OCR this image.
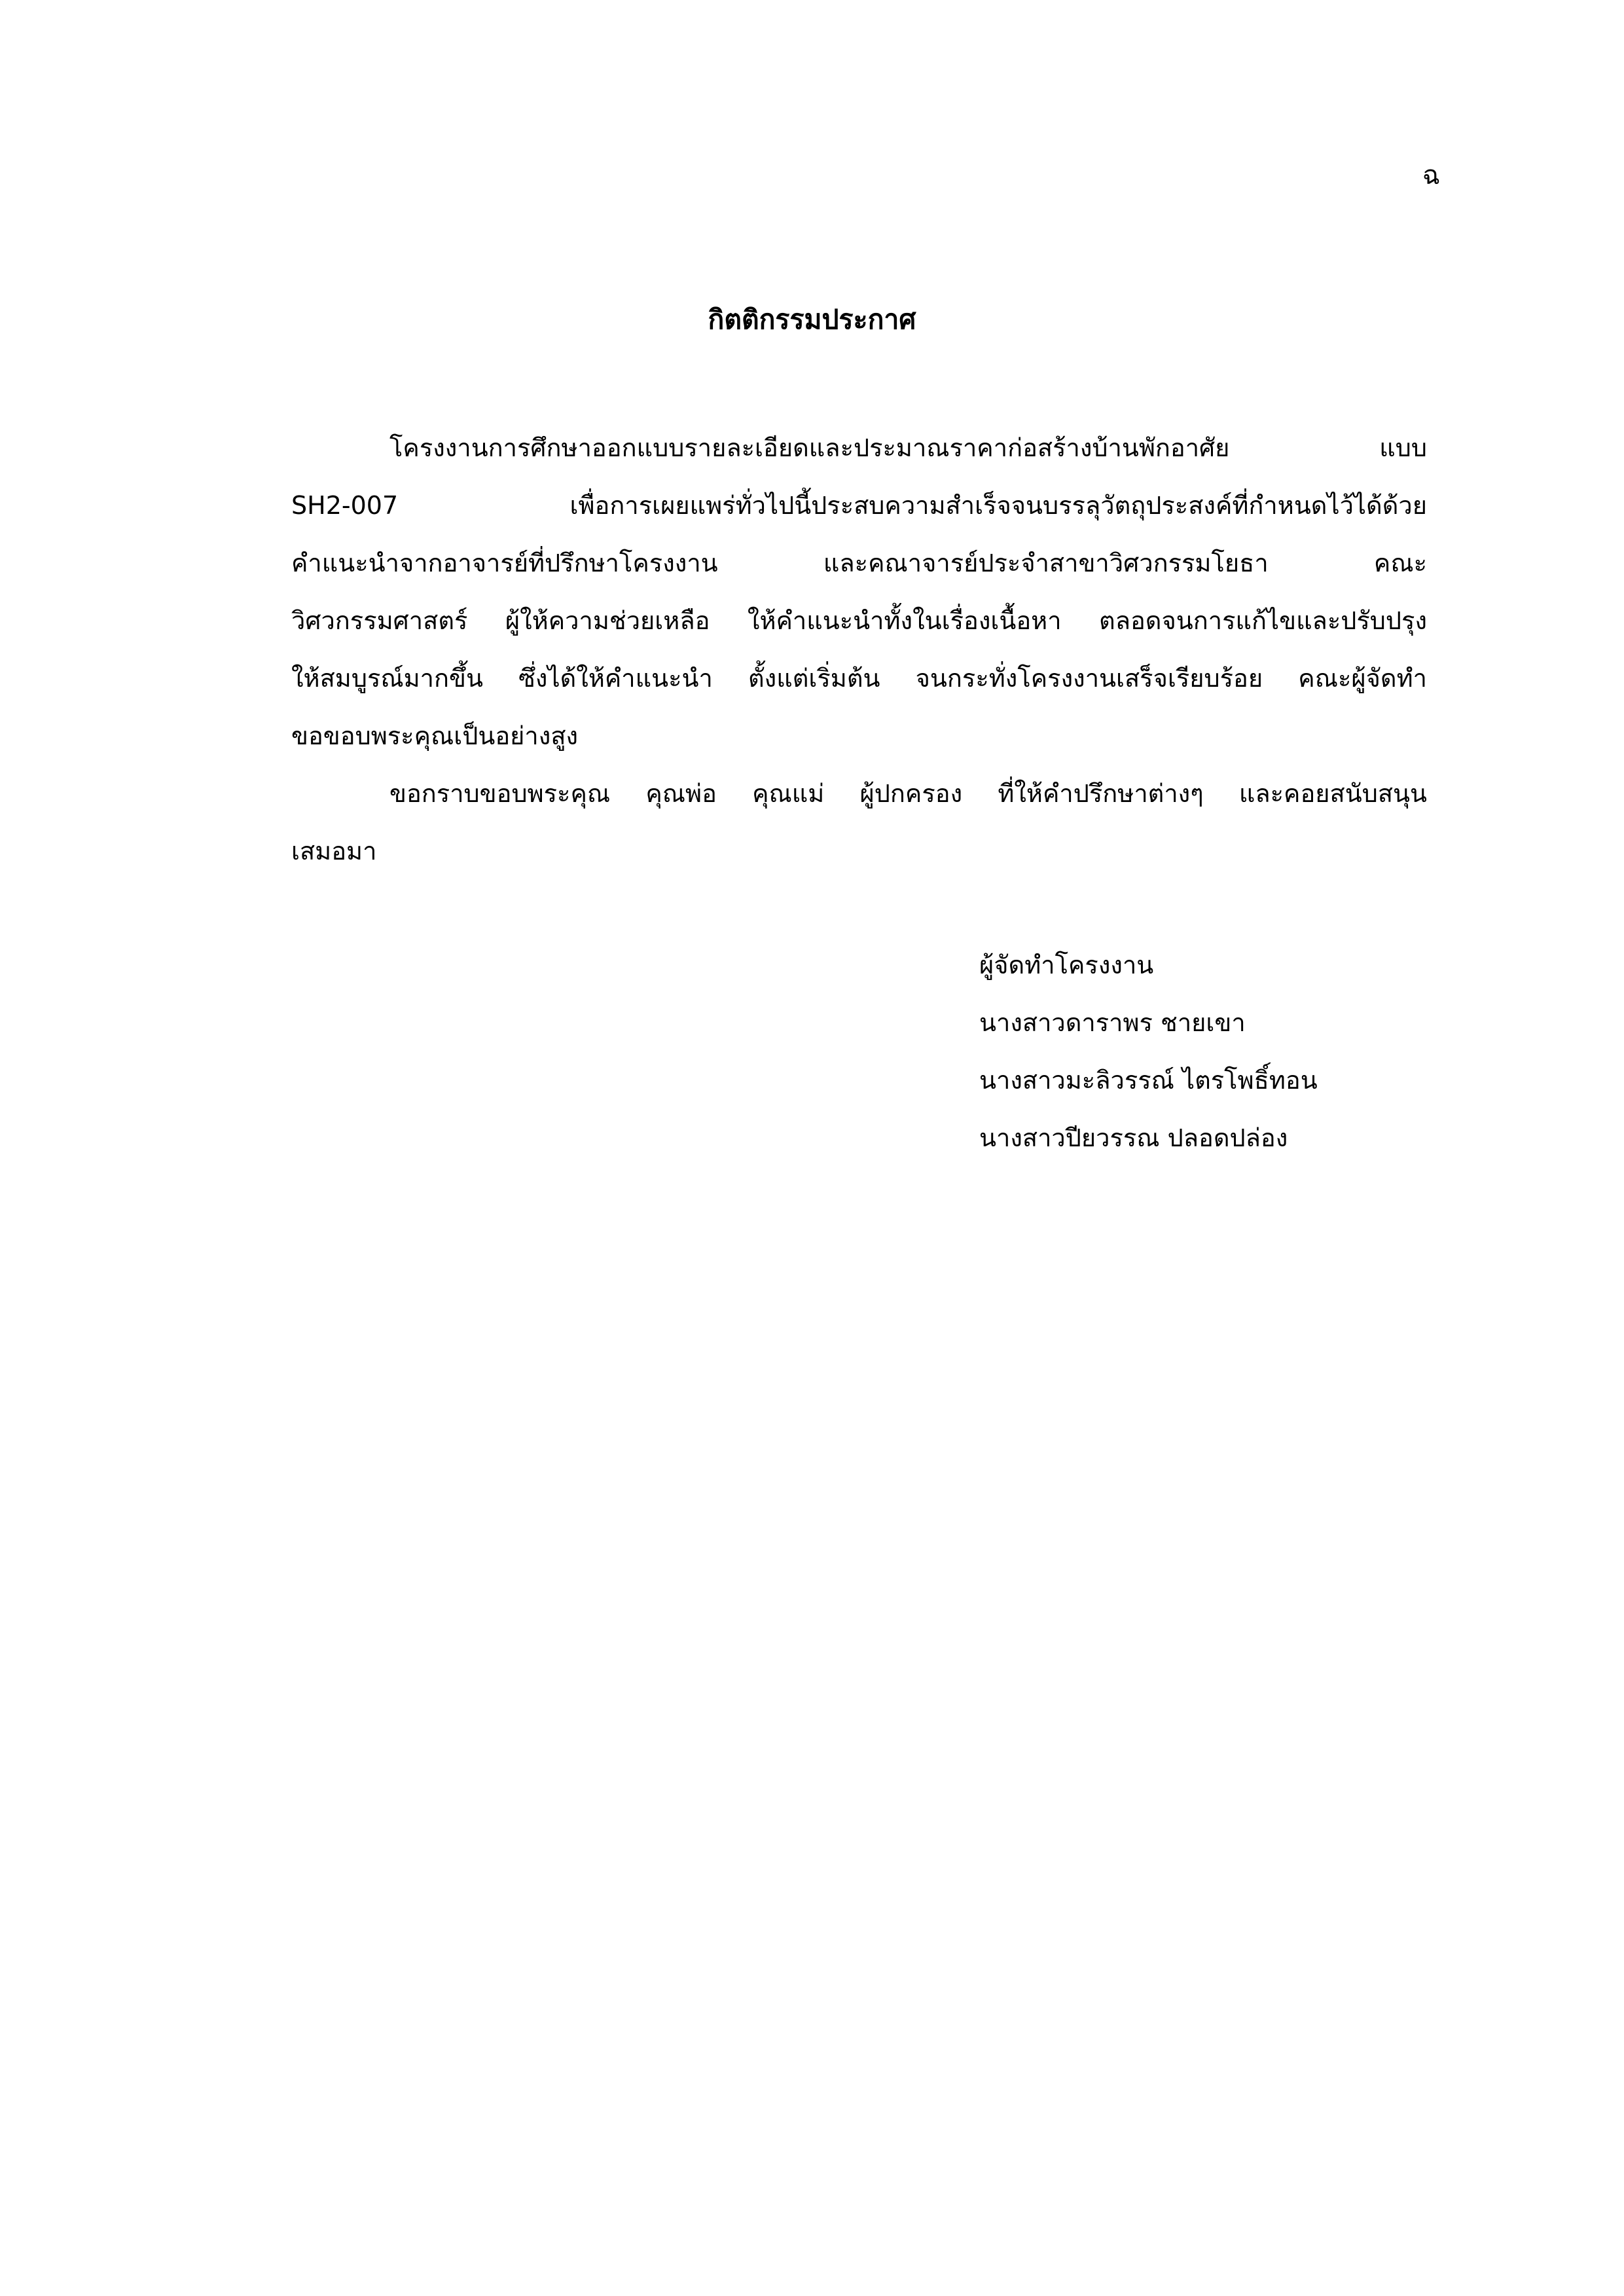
ฉ
กิตติกรรมประกาศ
โครงงานการศึกษาออกแบบรายละเอียดและประมาณราคาก่อสร้างบ้านพักอาศัย แบบ
SH2-007 เพื่อการเผยแพร่ทั่วไปนี้ประสบความสำเร็จจนบรรลุวัตถุประสงค์ที่กำหนดไว้ได้ด้วย
คำแนะนำจากอาจารย์ที่ปรึกษาโครงงาน และคณาจารย์ประจำสาขาวิศวกรรมโยธา คณะ
วิศวกรรมศาสตร์ ผู้ให้ความช่วยเหลือ ให้คำแนะนำทั้งในเรื่องเนื้อหา ตลอดจนการแก้ไขและปรับปรุง
ให้สมบูรณ์มากขึ้น ซึ่งได้ให้คำแนะนำ ตั้งแต่เริ่มต้น จนกระทั่งโครงงานเสร็จเรียบร้อย คณะผู้จัดทำ
ขอขอบพระคุณเป็นอย่างสูง
ขอกราบขอบพระคุณ คุณพ่อ คุณแม่ ผู้ปกครอง ที่ให้คำปรึกษาต่างๆ และคอยสนับสนุน
เสมอมา
ผู้จัดทำโครงงาน
นางสาวดาราพร ชายเขา
นางสาวมะลิวรรณ์ ไตรโพธิ์ทอน
นางสาวปียวรรณ ปลอดปล่อง
